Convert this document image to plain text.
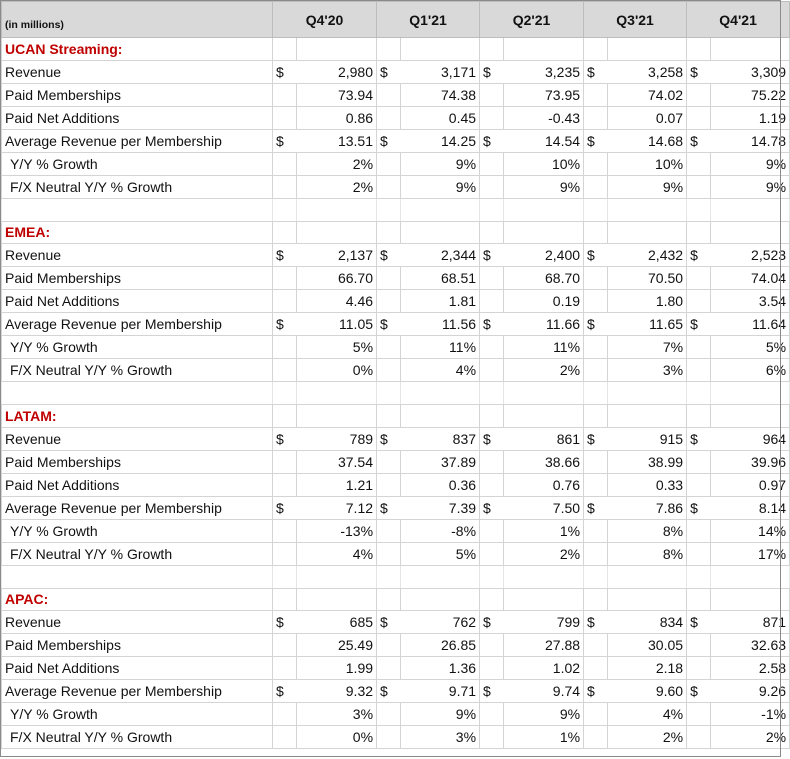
(in millions)	Q4'20		Q1'21		Q2'21		Q3'21		Q4'21	
UCAN Streaming:										
Revenue	$	2,980	$	3,171	$	3,235	$	3,258	$	3,309
Paid Memberships		73.94		74.38		73.95		74.02		75.22
Paid Net Additions		0.86		0.45		-0.43		0.07		1.19
Average Revenue per Membership	$	13.51	$	14.25	$	14.54	$	14.68	$	14.78
Y/Y % Growth		2%		9%		10%		10%		9%
F/X Neutral Y/Y % Growth		2%		9%		9%		9%		9%

EMEA:										
Revenue	$	2,137	$	2,344	$	2,400	$	2,432	$	2,523
Paid Memberships		66.70		68.51		68.70		70.50		74.04
Paid Net Additions		4.46		1.81		0.19		1.80		3.54
Average Revenue per Membership	$	11.05	$	11.56	$	11.66	$	11.65	$	11.64
Y/Y % Growth		5%		11%		11%		7%		5%
F/X Neutral Y/Y % Growth		0%		4%		2%		3%		6%

LATAM:										
Revenue	$	789	$	837	$	861	$	915	$	964
Paid Memberships		37.54		37.89		38.66		38.99		39.96
Paid Net Additions		1.21		0.36		0.76		0.33		0.97
Average Revenue per Membership	$	7.12	$	7.39	$	7.50	$	7.86	$	8.14
Y/Y % Growth		-13%		-8%		1%		8%		14%
F/X Neutral Y/Y % Growth		4%		5%		2%		8%		17%

APAC:										
Revenue	$	685	$	762	$	799	$	834	$	871
Paid Memberships		25.49		26.85		27.88		30.05		32.63
Paid Net Additions		1.99		1.36		1.02		2.18		2.58
Average Revenue per Membership	$	9.32	$	9.71	$	9.74	$	9.60	$	9.26
Y/Y % Growth		3%		9%		9%		4%		-1%
F/X Neutral Y/Y % Growth		0%		3%		1%		2%		2%
